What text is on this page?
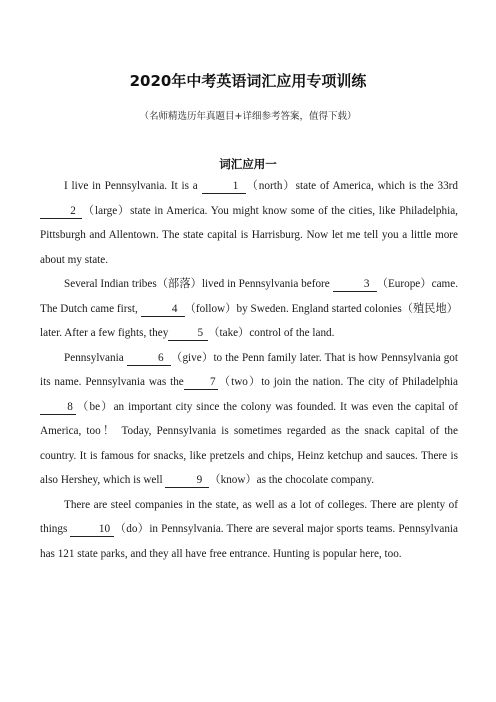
2020年中考英语词汇应用专项训练
（名师精选历年真题目+详细参考答案，值得下载）
词汇应用一

I live in Pennsylvania. It is a	1 （north）state of America, which is the 33rd 2 （large）state in America. You might know some of the cities, like Philadelphia, Pittsburgh and Allentown. The state capital is Harrisburg. Now let me tell you a little more about my state.

Several Indian tribes（部落）lived in Pennsylvania before	3 （Europe）came. The Dutch came first,	4 （follow）by Sweden. England started colonies（殖民地） later. After a few fights, they	5 （take）control of the land.

Pennsylvania	6 （give）to the Penn family later. That is how Pennsylvania got its name. Pennsylvania was the 7 （two）to join the nation. The city of Philadelphia 8 （be）an important city since the colony was founded. It was even the capital of America, too！ Today, Pennsylvania is sometimes regarded as the snack capital of the country. It is famous for snacks, like pretzels and chips, Heinz ketchup and sauces. There is also Hershey, which is well	9 （know）as the chocolate company.

There are steel companies in the state, as well as a lot of colleges. There are plenty of things	10 （do）in Pennsylvania. There are several major sports teams. Pennsylvania has 121 state parks, and they all have free entrance. Hunting is popular here, too.
